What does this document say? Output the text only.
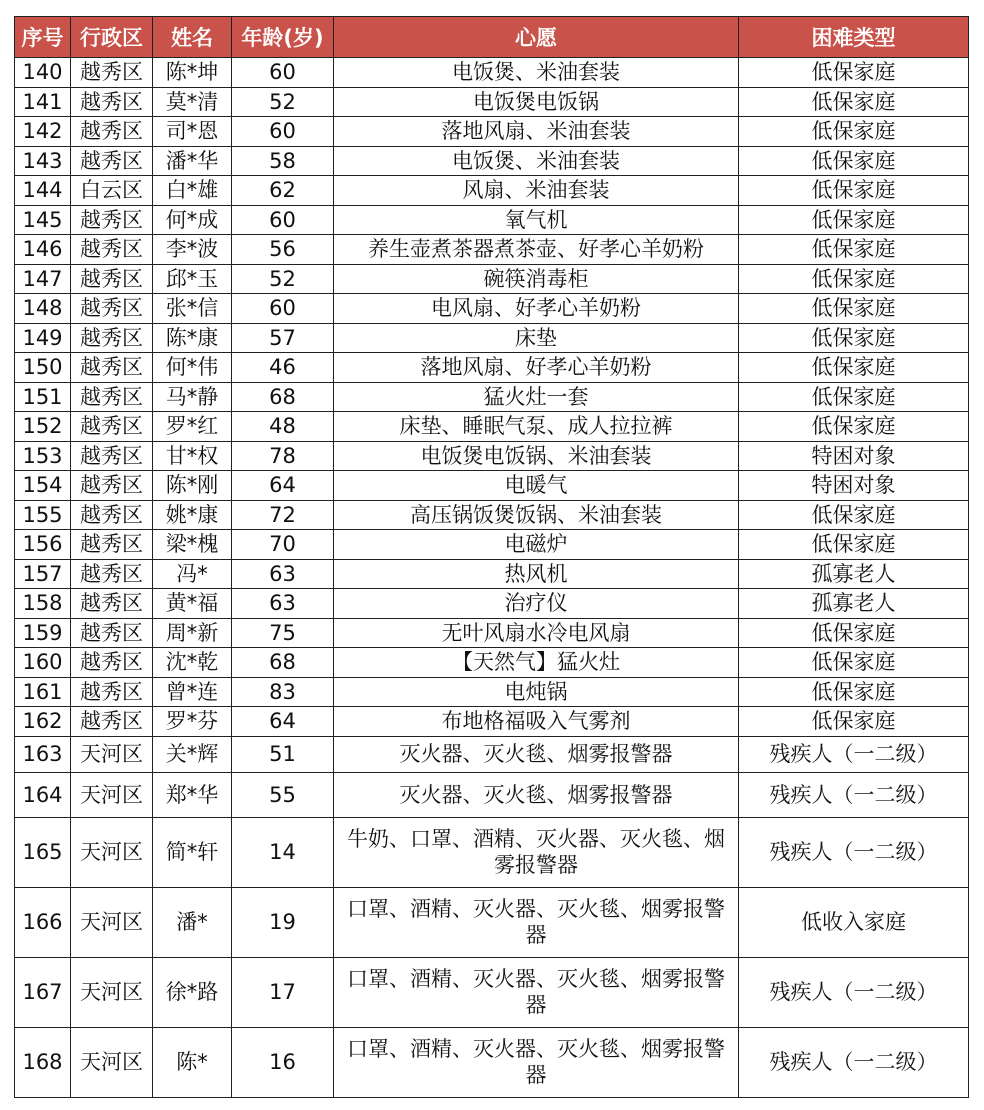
序号	行政区	姓名	年龄(岁)	心愿	困难类型
140	越秀区	陈*坤	60	电饭煲、米油套装	低保家庭
141	越秀区	莫*清	52	电饭煲电饭锅	低保家庭
142	越秀区	司*恩	60	落地风扇、米油套装	低保家庭
143	越秀区	潘*华	58	电饭煲、米油套装	低保家庭
144	白云区	白*雄	62	风扇、米油套装	低保家庭
145	越秀区	何*成	60	氧气机	低保家庭
146	越秀区	李*波	56	养生壶煮茶器煮茶壶、好孝心羊奶粉	低保家庭
147	越秀区	邱*玉	52	碗筷消毒柜	低保家庭
148	越秀区	张*信	60	电风扇、好孝心羊奶粉	低保家庭
149	越秀区	陈*康	57	床垫	低保家庭
150	越秀区	何*伟	46	落地风扇、好孝心羊奶粉	低保家庭
151	越秀区	马*静	68	猛火灶一套	低保家庭
152	越秀区	罗*红	48	床垫、睡眠气泵、成人拉拉裤	低保家庭
153	越秀区	甘*权	78	电饭煲电饭锅、米油套装	特困对象
154	越秀区	陈*刚	64	电暖气	特困对象
155	越秀区	姚*康	72	高压锅饭煲饭锅、米油套装	低保家庭
156	越秀区	梁*槐	70	电磁炉	低保家庭
157	越秀区	冯*	63	热风机	孤寡老人
158	越秀区	黄*福	63	治疗仪	孤寡老人
159	越秀区	周*新	75	无叶风扇水冷电风扇	低保家庭
160	越秀区	沈*乾	68	【天然气】猛火灶	低保家庭
161	越秀区	曾*连	83	电炖锅	低保家庭
162	越秀区	罗*芬	64	布地格福吸入气雾剂	低保家庭
163	天河区	关*辉	51	灭火器、灭火毯、烟雾报警器	残疾人（一二级）
164	天河区	郑*华	55	灭火器、灭火毯、烟雾报警器	残疾人（一二级）
165	天河区	简*轩	14	牛奶、口罩、酒精、灭火器、灭火毯、烟雾报警器	残疾人（一二级）
166	天河区	潘*	19	口罩、酒精、灭火器、灭火毯、烟雾报警器	低收入家庭
167	天河区	徐*路	17	口罩、酒精、灭火器、灭火毯、烟雾报警器	残疾人（一二级）
168	天河区	陈*	16	口罩、酒精、灭火器、灭火毯、烟雾报警器	残疾人（一二级）
